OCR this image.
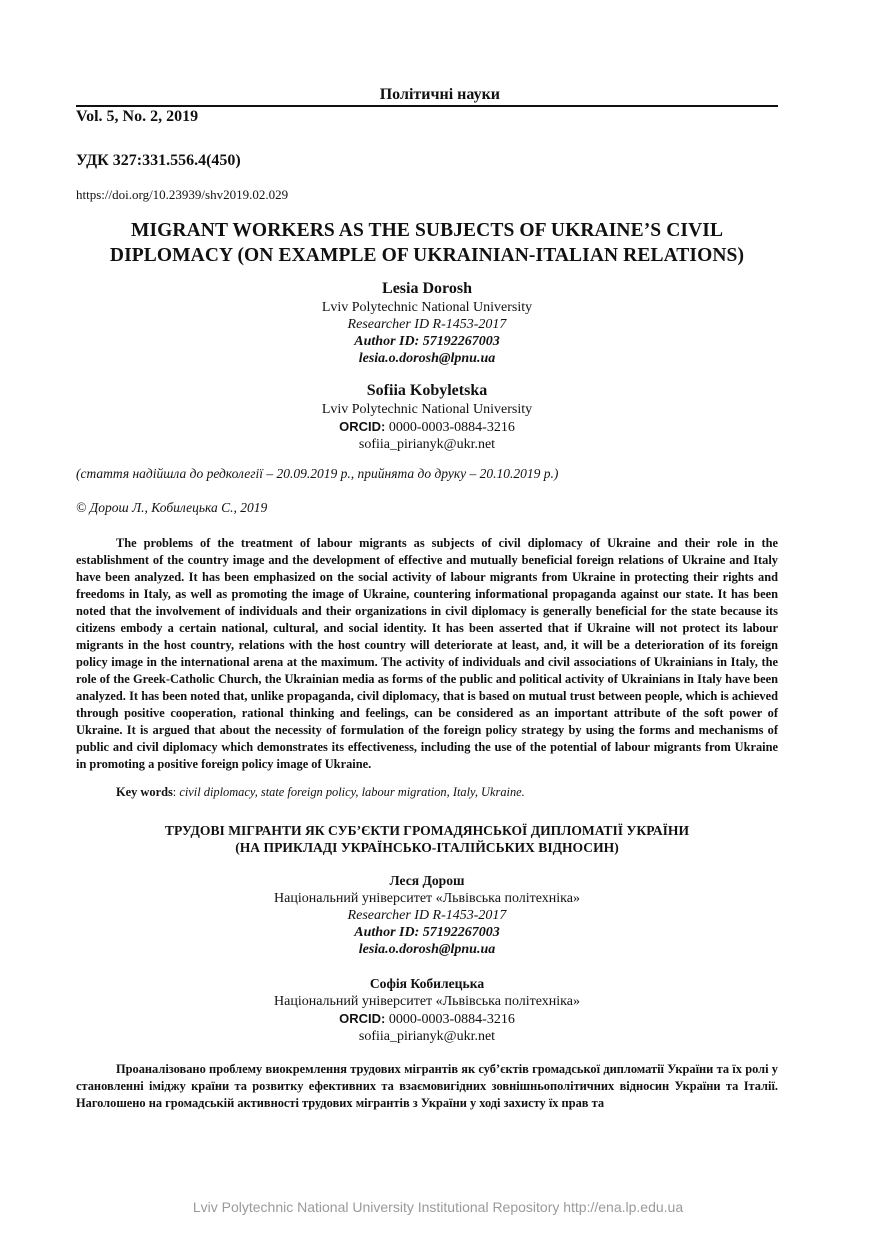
Політичні науки
Vol. 5, No. 2, 2019
УДК 327:331.556.4(450)
https://doi.org/10.23939/shv2019.02.029
MIGRANT WORKERS AS THE SUBJECTS OF UKRAINE’S CIVIL
DIPLOMACY (ON EXAMPLE OF UKRAINIAN-ITALIAN RELATIONS)
Lesia Dorosh
Lviv Polytechnic National University
Researcher ID R-1453-2017
Author ID: 57192267003
lesia.o.dorosh@lpnu.ua
Sofiia Kobyletska
Lviv Polytechnic National University
ORCID: 0000-0003-0884-3216
sofiia_pirianyk@ukr.net
(стаття надійшла до редколегії – 20.09.2019 р., прийнята до друку – 20.10.2019 р.)
© Дорош Л., Кобилецька С., 2019

The problems of the treatment of labour migrants as subjects of civil diplomacy of Ukraine and their role in the establishment of the country image and the development of effective and mutually beneficial foreign relations of Ukraine and Italy have been analyzed. It has been emphasized on the social activity of labour migrants from Ukraine in protecting their rights and freedoms in Italy, as well as promoting the image of Ukraine, countering informational propaganda against our state. It has been noted that the involvement of individuals and their organizations in civil diplomacy is generally beneficial for the state because its citizens embody a certain national, cultural, and social identity. It has been asserted that if Ukraine will not protect its labour migrants in the host country, relations with the host country will deteriorate at least, and, it will be a deterioration of its foreign policy image in the international arena at the maximum. The activity of individuals and civil associations of Ukrainians in Italy, the role of the Greek-Catholic Church, the Ukrainian media as forms of the public and political activity of Ukrainians in Italy have been analyzed. It has been noted that, unlike propaganda, civil diplomacy, that is based on mutual trust between people, which is achieved through positive cooperation, rational thinking and feelings, can be considered as an important attribute of the soft power of Ukraine. It is argued that about the necessity of formulation of the foreign policy strategy by using the forms and mechanisms of public and civil diplomacy which demonstrates its effectiveness, including the use of the potential of labour migrants from Ukraine in promoting a positive foreign policy image of Ukraine.

Key words: civil diplomacy, state foreign policy, labour migration, Italy, Ukraine.
ТРУДОВІ МІГРАНТИ ЯК СУБ’ЄКТИ ГРОМАДЯНСЬКОЇ ДИПЛОМАТІЇ УКРАЇНИ
(НА ПРИКЛАДІ УКРАЇНСЬКО-ІТАЛІЙСЬКИХ ВІДНОСИН)
Леся Дорош
Національний університет «Львівська політехніка»
Researcher ID R-1453-2017
Author ID: 57192267003
lesia.o.dorosh@lpnu.ua
Софія Кобилецька
Національний університет «Львівська політехніка»
ORCID: 0000-0003-0884-3216
sofiia_pirianyk@ukr.net

Проаналізовано проблему виокремлення трудових мігрантів як суб’єктів громадської дипломатії України та їх ролі у становленні іміджу країни та розвитку ефективних та взаємовигідних зовнішньополітичних відносин України та Італії. Наголошено на громадській активності трудових мігрантів з України у ході захисту їх прав та

Lviv Polytechnic National University Institutional Repository http://ena.lp.edu.ua
